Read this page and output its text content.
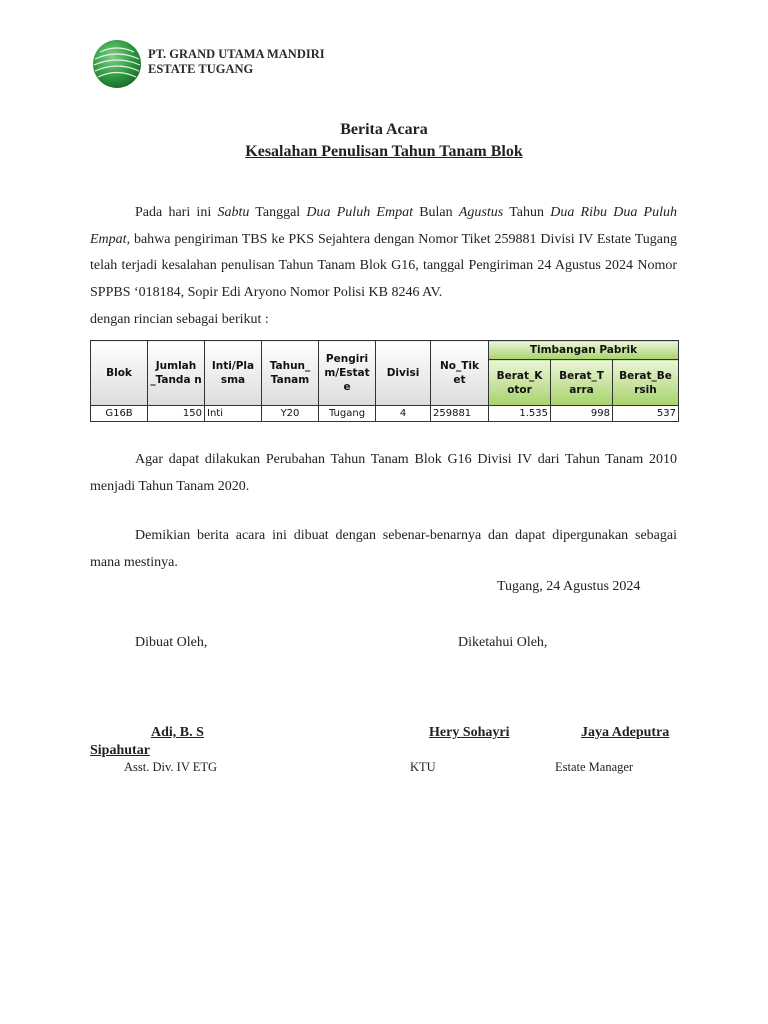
PT. GRAND UTAMA MANDIRI
ESTATE TUGANG
Berita Acara
Kesalahan Penulisan Tahun Tanam Blok

Pada hari ini Sabtu Tanggal Dua Puluh Empat Bulan Agustus Tahun Dua Ribu Dua Puluh Empat, bahwa pengiriman TBS ke PKS Sejahtera dengan Nomor Tiket 259881 Divisi IV Estate Tugang telah terjadi kesalahan penulisan Tahun Tanam Blok G16, tanggal Pengiriman 24 Agustus 2024 Nomor SPPBS ‘018184, Sopir Edi Aryono Nomor Polisi KB 8246 AV.

dengan rincian sebagai berikut :
Blok	Jumlah _Tanda n	Inti/Pla sma	Tahun_ Tanam	Pengiri m/Estat e	Divisi	No_Tik et	Timbangan Pabrik		
							Berat_K otor	Berat_T arra	Berat_Be rsih
G16B	150	Inti	Y20	Tugang	4	259881	1.535	998	537

Agar dapat dilakukan Perubahan Tahun Tanam Blok G16 Divisi IV dari Tahun Tanam 2010 menjadi Tahun Tanam 2020.

Demikian berita acara ini dibuat dengan sebenar-benarnya dan dapat dipergunakan sebagai mana mestinya.

Tugang, 24 Agustus 2024
Dibuat Oleh,	Diketahui Oleh,
Adi, B. S	Hery Sohayri	Jaya Adeputra
Sipahutar
Asst. Div. IV ETG	KTU	Estate Manager
